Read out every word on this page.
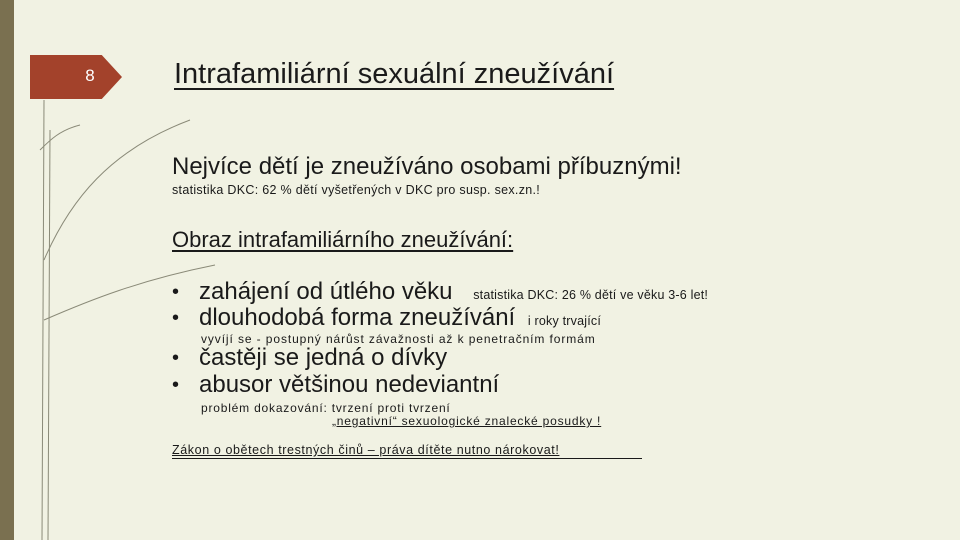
8	Intrafamiliární sexuální zneužívání

Nejvíce dětí je zneužíváno osobami příbuznými!

statistika DKC: 62 % dětí vyšetřených v DKC pro susp. sex.zn.!

Obraz intrafamiliárního zneužívání:

• zahájení od útlého věku statistika DKC: 26 % dětí ve věku 3-6 let!
• dlouhodobá forma zneužívání i roky trvající

vyvíjí se - postupný nárůst závažnosti až k penetračním formám

• častěji se jedná o dívky
• abusor většinou nedeviantní

problém dokazování: tvrzení proti tvrzení

„negativní“ sexuologické znalecké posudky !

Zákon o obětech trestných činů – práva dítěte nutno nárokovat!
